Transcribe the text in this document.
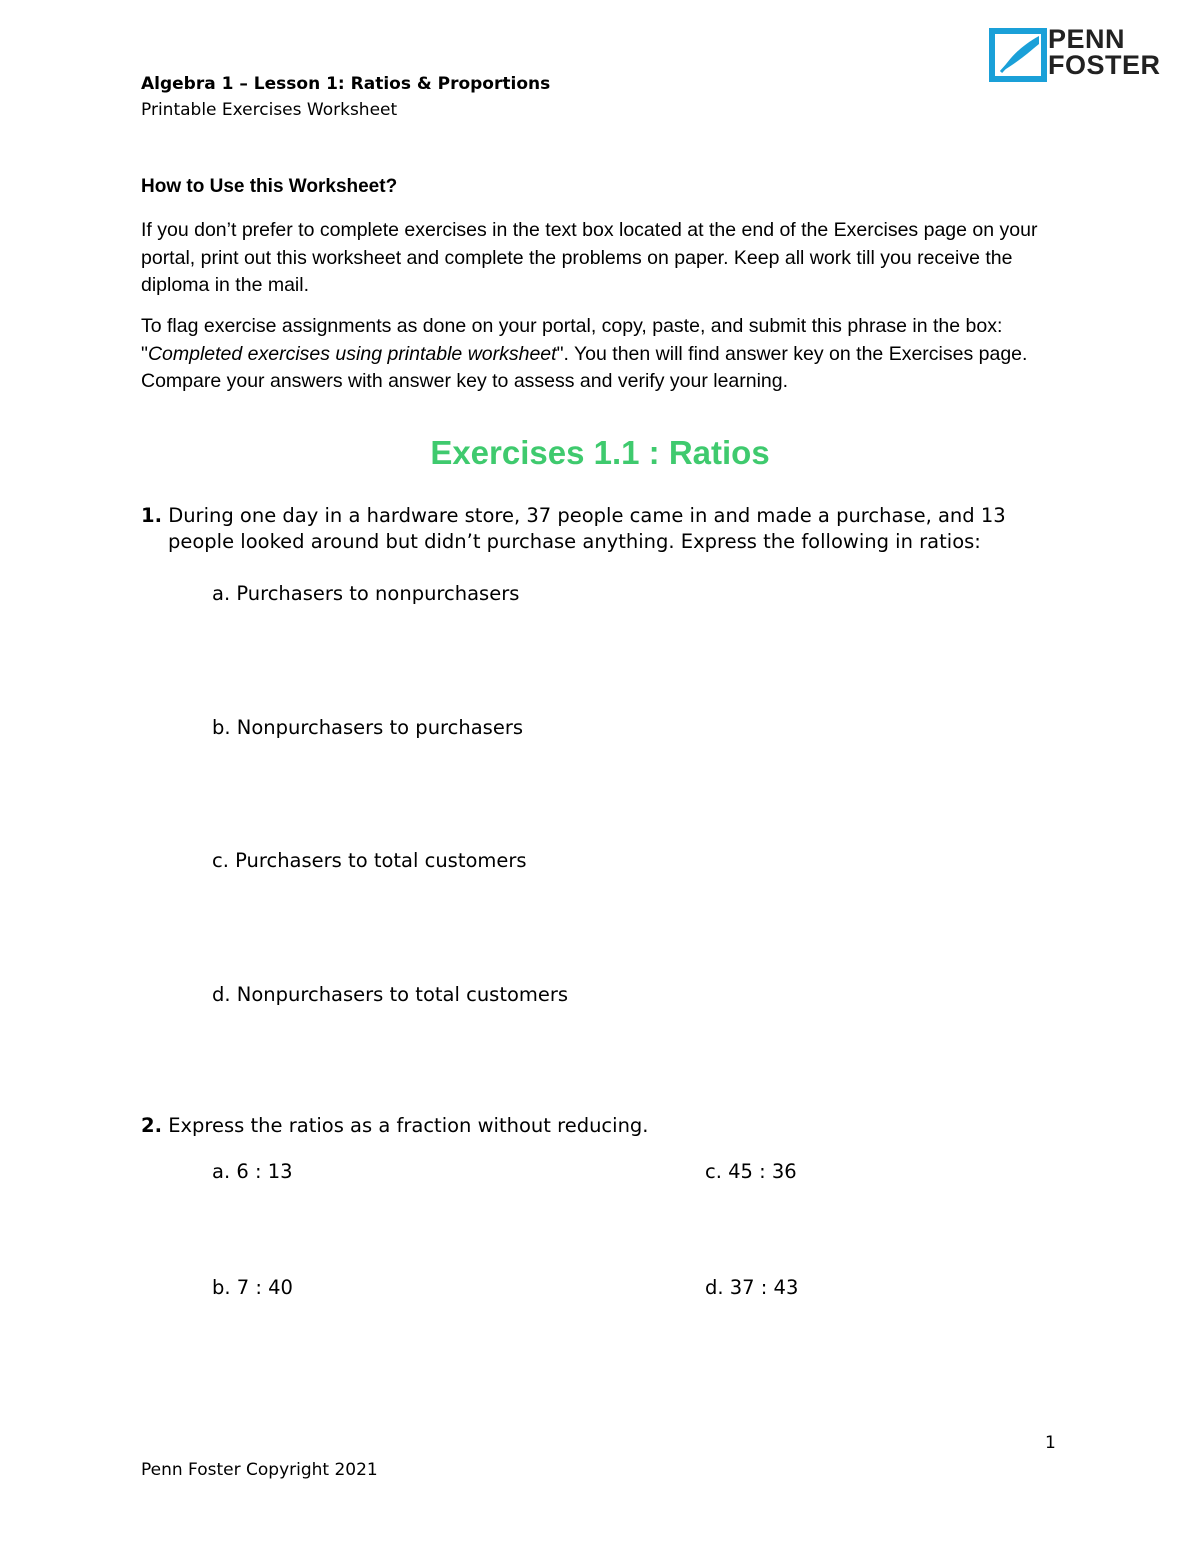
Algebra 1 – Lesson 1: Ratios & Proportions
Printable Exercises Worksheet
PENN
FOSTER
How to Use this Worksheet?

If you don’t prefer to complete exercises in the text box located at the end of the Exercises page on your portal, print out this worksheet and complete the problems on paper. Keep all work till you receive the diploma in the mail.

To flag exercise assignments as done on your portal, copy, paste, and submit this phrase in the box: "Completed exercises using printable worksheet". You then will find answer key on the Exercises page. Compare your answers with answer key to assess and verify your learning.

Exercises 1.1 : Ratios
1. During one day in a hardware store, 37 people came in and made a purchase, and 13
people looked around but didn’t purchase anything. Express the following in ratios:
a. Purchasers to nonpurchasers
b. Nonpurchasers to purchasers
c. Purchasers to total customers
d. Nonpurchasers to total customers
2. Express the ratios as a fraction without reducing.
a. 6 : 13	c. 45 : 36
b. 7 : 40	d. 37 : 43
1
Penn Foster Copyright 2021
